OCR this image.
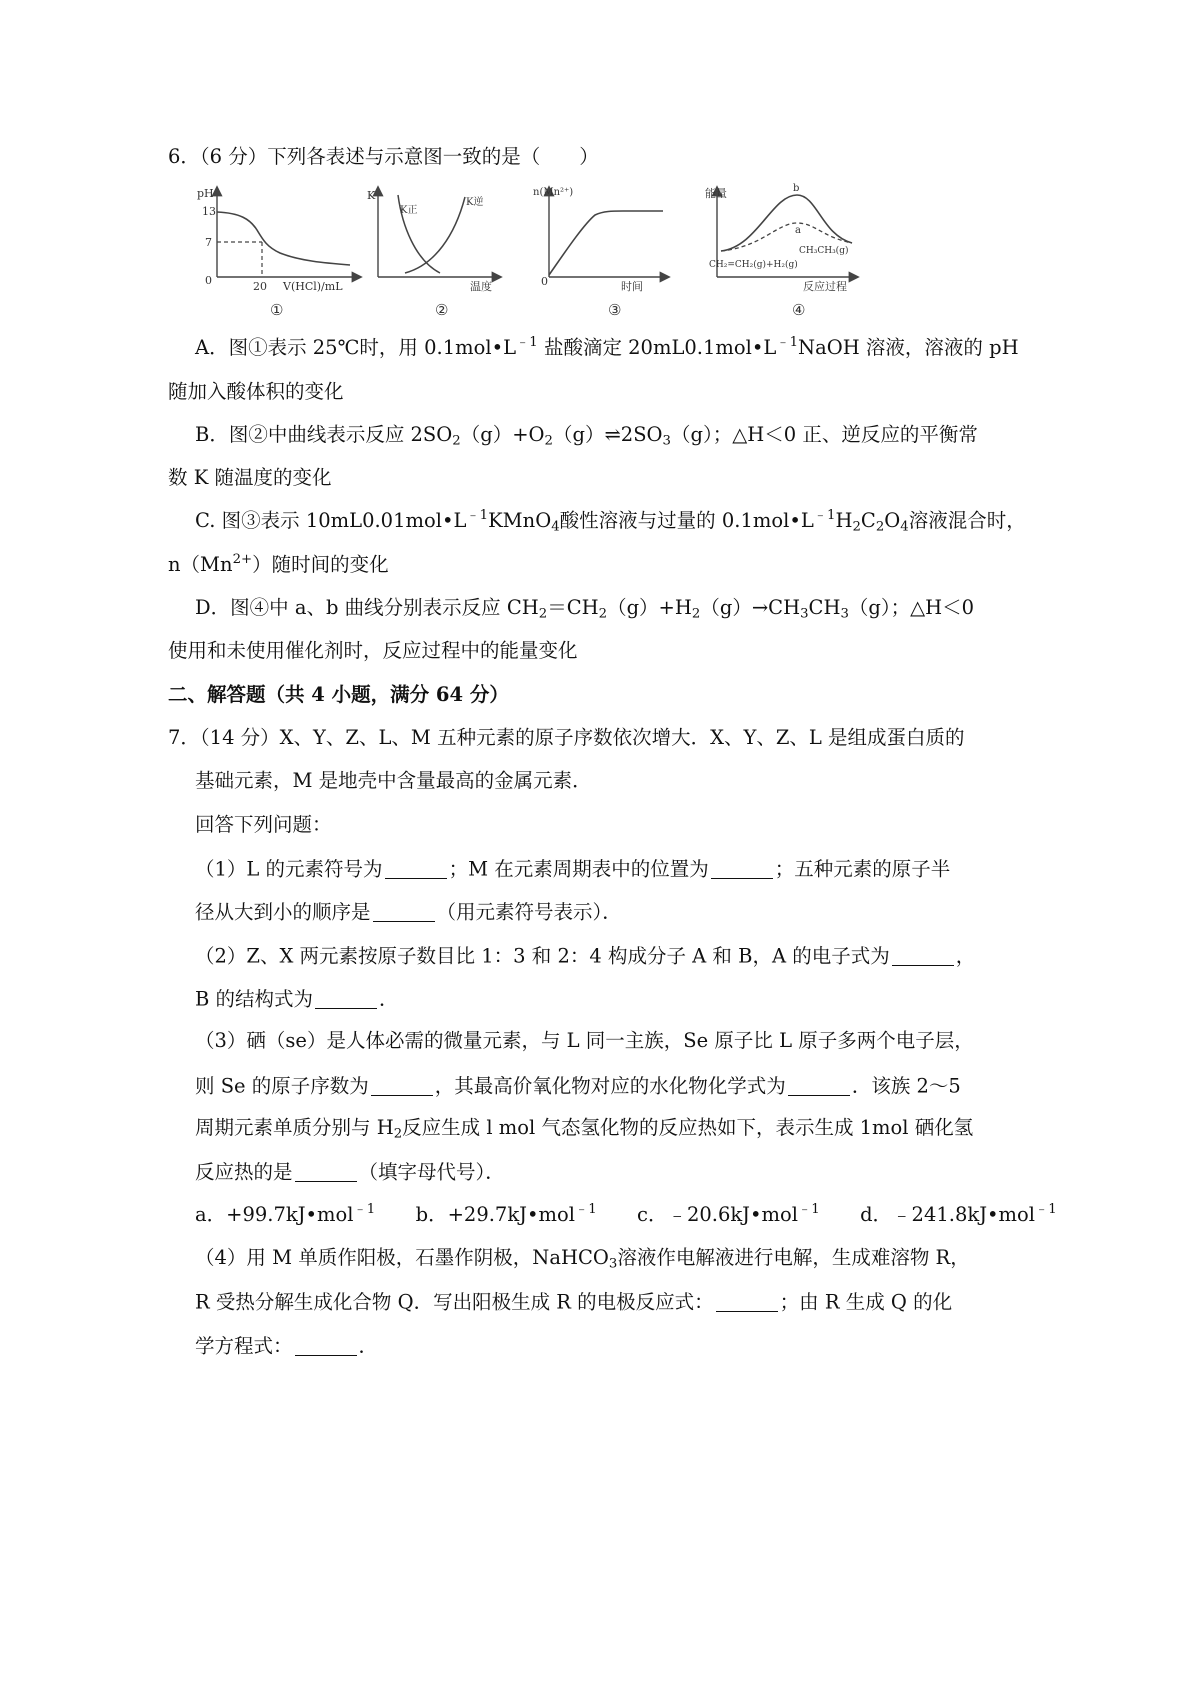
6．（6 分）下列各表述与示意图一致的是（　　）
pH
13
7
0	20 V(HCl)/mL
①
K
K正
K逆
温度
②
n(Mn²⁺)
0	时间
③
能量	b
a
CH₃CH₃(g)
CH₂=CH₂(g)+H₂(g)
反应过程
④
A．图①表示 25℃时，用 $0.1mol•L^{﹣1}$ 盐酸滴定 $20mL0.1mol•L^{﹣1}NaOH$ 溶液，溶液的 pH
随加入酸体积的变化
B．图②中曲线表示反应 $2SO_2(g)+O_2(g)\rightleftharpoons 2SO_3(g)$；△H＜0 正、逆反应的平衡常
数 K 随温度的变化
C. 图③表示 $10mL0.01mol•L^{﹣1}KMnO_4$酸性溶液与过量的 $0.1mol•L^{﹣1}H_2C_2O_4$溶液混合时，
$n(Mn^{2+})$随时间的变化
D．图④中 a、b 曲线分别表示反应 $CH_2=CH_2(g)+H_2(g)\to CH_3CH_3(g)$；△H＜0
使用和未使用催化剂时，反应过程中的能量变化
二、解答题（共 4 小题，满分 64 分）
7．（14 分）X、Y、Z、L、M 五种元素的原子序数依次增大．X、Y、Z、L 是组成蛋白质的
基础元素，M 是地壳中含量最高的金属元素．
回答下列问题：
（1）L 的元素符号为	；M 在元素周期表中的位置为	；五种元素的原子半
径从大到小的顺序是	（用元素符号表示）．
（2）Z、X 两元素按原子数目比 1：3 和 2：4 构成分子 A 和 B，A 的电子式为	，
B 的结构式为	．
（3）硒（se）是人体必需的微量元素，与 L 同一主族，Se 原子比 L 原子多两个电子层，
则 Se 的原子序数为	，其最高价氧化物对应的水化物化学式为	．该族 2～5
周期元素单质分别与 $H_2$反应生成 l mol 气态氢化物的反应热如下，表示生成 1mol 硒化氢
反应热的是	（填字母代号）．
a．+99.7kJ•mol$^{﹣1}$ b．+29.7kJ•mol$^{﹣1}$ c．﹣20.6kJ•mol$^{﹣1}$ d．﹣241.8kJ•mol$^{﹣1}$
（4）用 M 单质作阳极，石墨作阴极，NaHCO$_3$溶液作电解液进行电解，生成难溶物 R，
R 受热分解生成化合物 Q．写出阳极生成 R 的电极反应式：	；由 R 生成 Q 的化
学方程式：	．
